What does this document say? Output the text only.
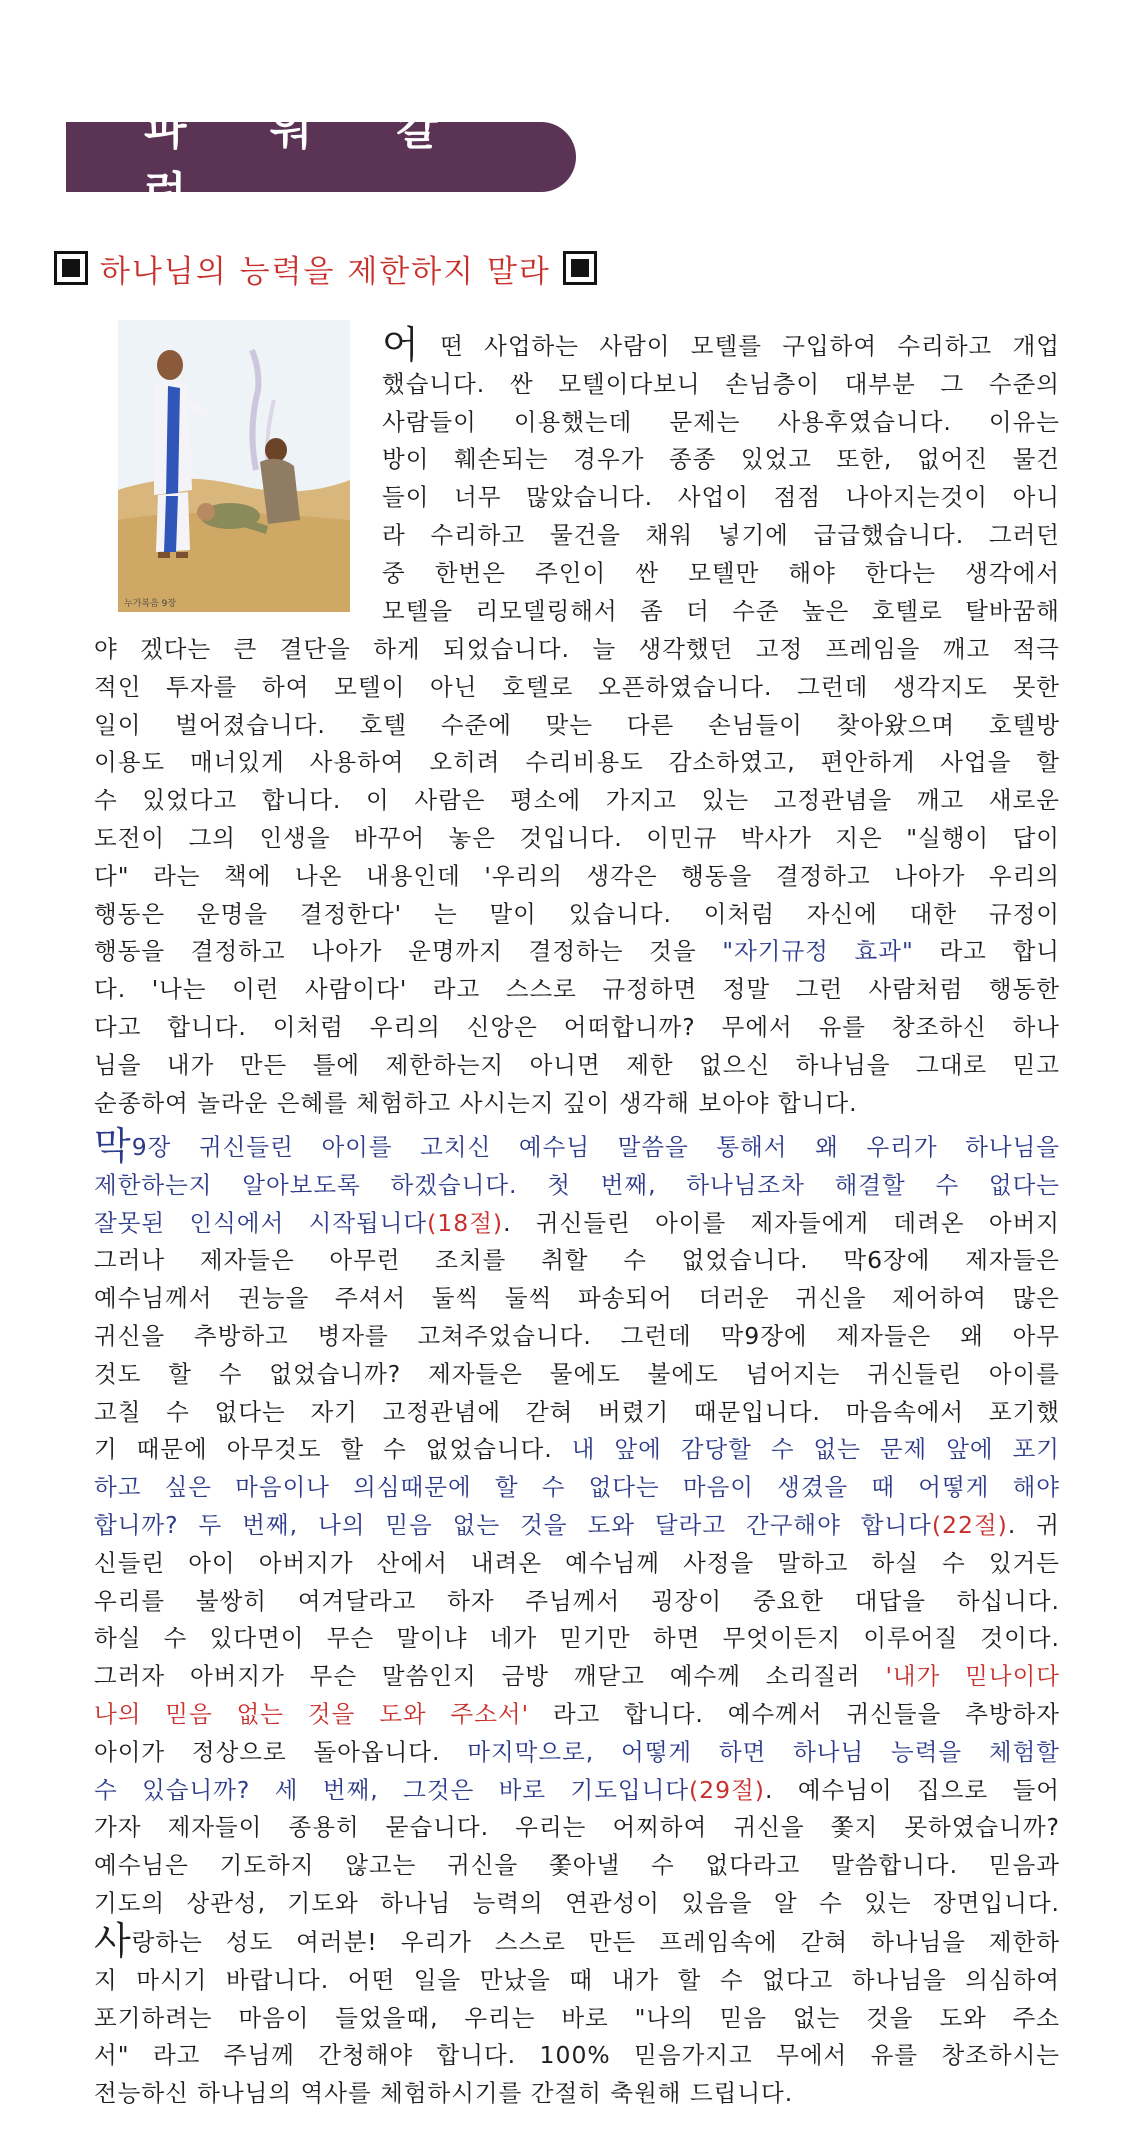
파 워 칼 럼
하나님의 능력을 제한하지 말라
누가복음 9장
어 떤 사업하는 사람이 모텔를 구입하여 수리하고 개업
했습니다. 싼 모텔이다보니 손님층이 대부분 그 수준의
사람들이 이용했는데 문제는 사용후였습니다. 이유는
방이 훼손되는 경우가 종종 있었고 또한, 없어진 물건
들이 너무 많았습니다. 사업이 점점 나아지는것이 아니
라 수리하고 물건을 채워 넣기에 급급했습니다. 그러던
중 한번은 주인이 싼 모텔만 해야 한다는 생각에서
모텔을 리모델링해서 좀 더 수준 높은 호텔로 탈바꿈해
야 겠다는 큰 결단을 하게 되었습니다. 늘 생각했던 고정 프레임을 깨고 적극
적인 투자를 하여 모텔이 아닌 호텔로 오픈하였습니다. 그런데 생각지도 못한
일이 벌어졌습니다. 호텔 수준에 맞는 다른 손님들이 찾아왔으며 호텔방
이용도 매너있게 사용하여 오히려 수리비용도 감소하였고, 편안하게 사업을 할
수 있었다고 합니다. 이 사람은 평소에 가지고 있는 고정관념을 깨고 새로운
도전이 그의 인생을 바꾸어 놓은 것입니다. 이민규 박사가 지은 "실행이 답이
다" 라는 책에 나온 내용인데 '우리의 생각은 행동을 결정하고 나아가 우리의
행동은 운명을 결정한다' 는 말이 있습니다. 이처럼 자신에 대한 규정이
행동을 결정하고 나아가 운명까지 결정하는 것을 "자기규정 효과" 라고 합니
다. '나는 이런 사람이다' 라고 스스로 규정하면 정말 그런 사람처럼 행동한
다고 합니다. 이처럼 우리의 신앙은 어떠합니까? 무에서 유를 창조하신 하나
님을 내가 만든 틀에 제한하는지 아니면 제한 없으신 하나님을 그대로 믿고
순종하여 놀라운 은혜를 체험하고 사시는지 깊이 생각해 보아야 합니다.
막9장 귀신들린 아이를 고치신 예수님 말씀을 통해서 왜 우리가 하나님을
제한하는지 알아보도록 하겠습니다. 첫 번째, 하나님조차 해결할 수 없다는
잘못된 인식에서 시작됩니다(18절). 귀신들린 아이를 제자들에게 데려온 아버지
그러나 제자들은 아무런 조치를 취할 수 없었습니다. 막6장에 제자들은
예수님께서 권능을 주셔서 둘씩 둘씩 파송되어 더러운 귀신을 제어하여 많은
귀신을 추방하고 병자를 고쳐주었습니다. 그런데 막9장에 제자들은 왜 아무
것도 할 수 없었습니까? 제자들은 물에도 불에도 넘어지는 귀신들린 아이를
고칠 수 없다는 자기 고정관념에 갇혀 버렸기 때문입니다. 마음속에서 포기했
기 때문에 아무것도 할 수 없었습니다. 내 앞에 감당할 수 없는 문제 앞에 포기
하고 싶은 마음이나 의심때문에 할 수 없다는 마음이 생겼을 때 어떻게 해야
합니까? 두 번째, 나의 믿음 없는 것을 도와 달라고 간구해야 합니다(22절). 귀
신들린 아이 아버지가 산에서 내려온 예수님께 사정을 말하고 하실 수 있거든
우리를 불쌍히 여겨달라고 하자 주님께서 굉장이 중요한 대답을 하십니다.
하실 수 있다면이 무슨 말이냐 네가 믿기만 하면 무엇이든지 이루어질 것이다.
그러자 아버지가 무슨 말씀인지 금방 깨닫고 예수께 소리질러 '내가 믿나이다
나의 믿음 없는 것을 도와 주소서' 라고 합니다. 예수께서 귀신들을 추방하자
아이가 정상으로 돌아옵니다. 마지막으로, 어떻게 하면 하나님 능력을 체험할
수 있습니까? 세 번째, 그것은 바로 기도입니다(29절). 예수님이 집으로 들어
가자 제자들이 종용히 묻습니다. 우리는 어찌하여 귀신을 쫓지 못하였습니까?
예수님은 기도하지 않고는 귀신을 쫓아낼 수 없다라고 말씀합니다. 믿음과
기도의 상관성, 기도와 하나님 능력의 연관성이 있음을 알 수 있는 장면입니다.
사랑하는 성도 여러분! 우리가 스스로 만든 프레임속에 갇혀 하나님을 제한하
지 마시기 바랍니다. 어떤 일을 만났을 때 내가 할 수 없다고 하나님을 의심하여
포기하려는 마음이 들었을때, 우리는 바로 "나의 믿음 없는 것을 도와 주소
서" 라고 주님께 간청해야 합니다. 100% 믿음가지고 무에서 유를 창조하시는
전능하신 하나님의 역사를 체험하시기를 간절히 축원해 드립니다.
